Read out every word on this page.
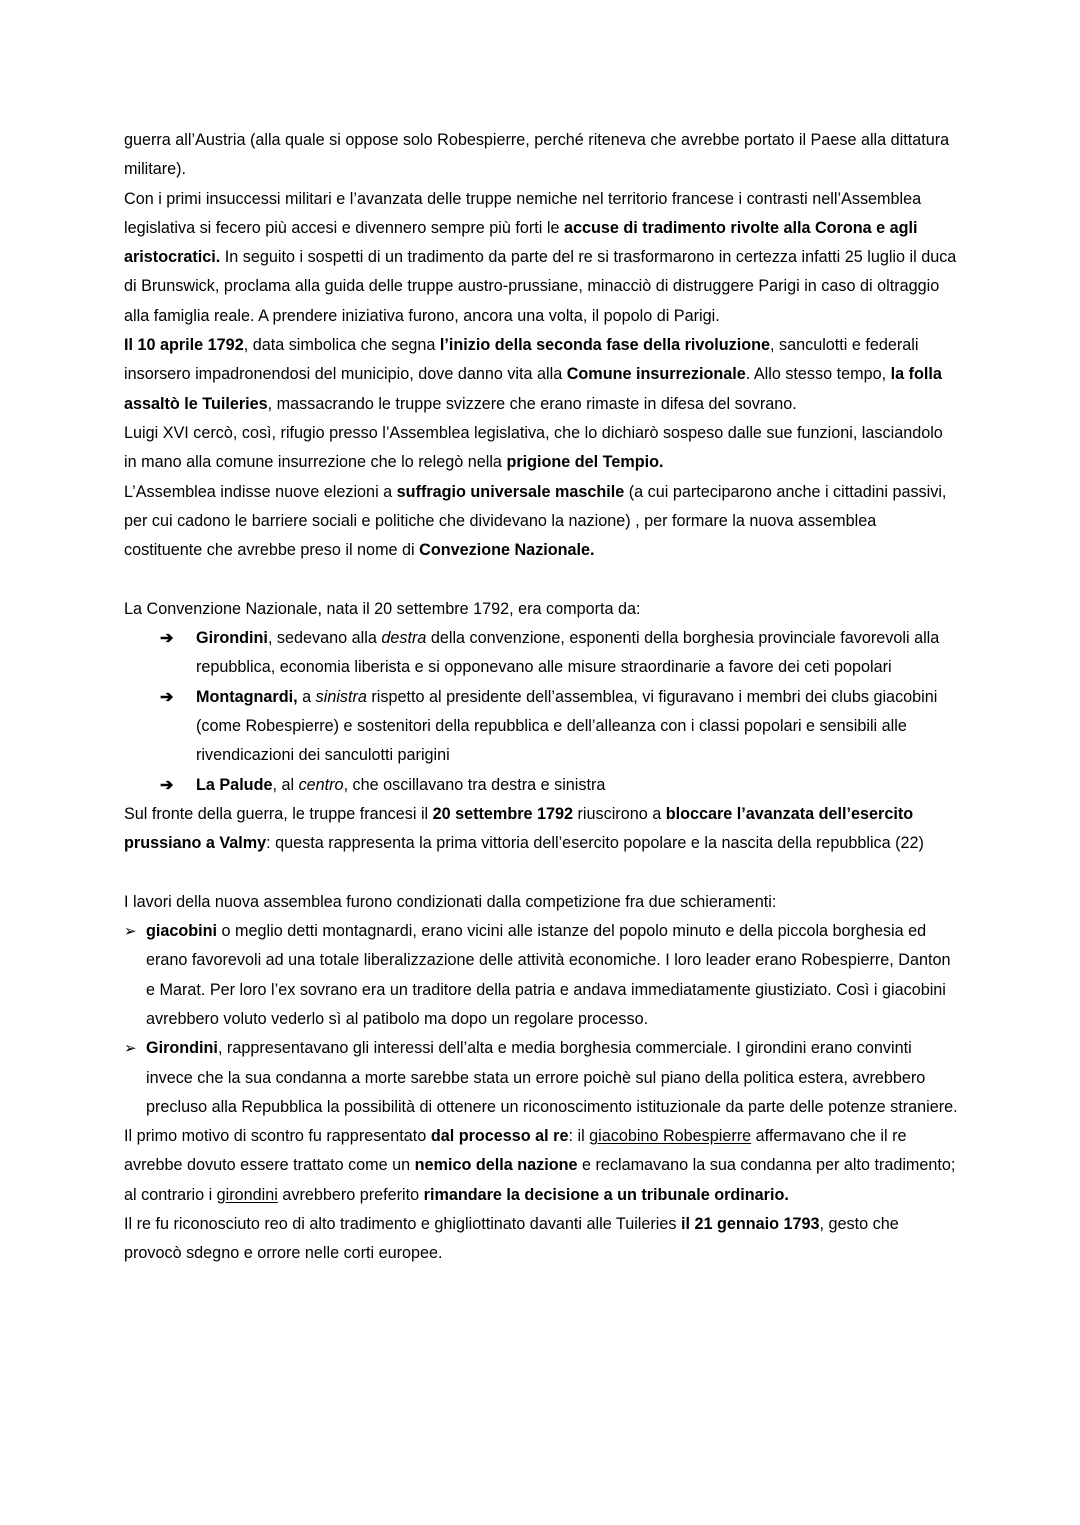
guerra all’Austria (alla quale si oppose solo Robespierre, perché riteneva che avrebbe portato il Paese alla dittatura militare).

Con i primi insuccessi militari e l’avanzata delle truppe nemiche nel territorio francese i contrasti nell’Assemblea legislativa si fecero più accesi e divennero sempre più forti le accuse di tradimento rivolte alla Corona e agli aristocratici. In seguito i sospetti di un tradimento da parte del re si trasformarono in certezza infatti 25 luglio il duca di Brunswick, proclama alla guida delle truppe austro-prussiane, minacciò di distruggere Parigi in caso di oltraggio alla famiglia reale. A prendere iniziativa furono, ancora una volta, il popolo di Parigi.

Il 10 aprile 1792, data simbolica che segna l’inizio della seconda fase della rivoluzione, sanculotti e federali insorsero impadronendosi del municipio, dove danno vita alla Comune insurrezionale. Allo stesso tempo, la folla assaltò le Tuileries, massacrando le truppe svizzere che erano rimaste in difesa del sovrano.

Luigi XVI cercò, così, rifugio presso l’Assemblea legislativa, che lo dichiarò sospeso dalle sue funzioni, lasciandolo in mano alla comune insurrezione che lo relegò nella prigione del Tempio.

L’Assemblea indisse nuove elezioni a suffragio universale maschile (a cui parteciparono anche i cittadini passivi, per cui cadono le barriere sociali e politiche che dividevano la nazione) , per formare la nuova assemblea costituente che avrebbe preso il nome di Convezione Nazionale.

La Convenzione Nazionale, nata il 20 settembre 1792, era comporta da:

➔ Girondini, sedevano alla destra della convenzione, esponenti della borghesia provinciale favorevoli alla repubblica, economia liberista e si opponevano alle misure straordinarie a favore dei ceti popolari
➔ Montagnardi, a sinistra rispetto al presidente dell’assemblea, vi figuravano i membri dei clubs giacobini (come Robespierre) e sostenitori della repubblica e dell’alleanza con i classi popolari e sensibili alle rivendicazioni dei sanculotti parigini
➔ La Palude, al centro, che oscillavano tra destra e sinistra

Sul fronte della guerra, le truppe francesi il 20 settembre 1792 riuscirono a bloccare l’avanzata dell’esercito prussiano a Valmy: questa rappresenta la prima vittoria dell’esercito popolare e la nascita della repubblica (22)

I lavori della nuova assemblea furono condizionati dalla competizione fra due schieramenti:

➢ giacobini o meglio detti montagnardi, erano vicini alle istanze del popolo minuto e della piccola borghesia ed erano favorevoli ad una totale liberalizzazione delle attività economiche. I loro leader erano Robespierre, Danton e Marat. Per loro l’ex sovrano era un traditore della patria e andava immediatamente giustiziato. Così i giacobini avrebbero voluto vederlo sì al patibolo ma dopo un regolare processo.
➢ Girondini, rappresentavano gli interessi dell’alta e media borghesia commerciale. I girondini erano convinti invece che la sua condanna a morte sarebbe stata un errore poichè sul piano della politica estera, avrebbero precluso alla Repubblica la possibilità di ottenere un riconoscimento istituzionale da parte delle potenze straniere.

Il primo motivo di scontro fu rappresentato dal processo al re: il giacobino Robespierre affermavano che il re avrebbe dovuto essere trattato come un nemico della nazione e reclamavano la sua condanna per alto tradimento; al contrario i girondini avrebbero preferito rimandare la decisione a un tribunale ordinario.

Il re fu riconosciuto reo di alto tradimento e ghigliottinato davanti alle Tuileries il 21 gennaio 1793, gesto che provocò sdegno e orrore nelle corti europee.
